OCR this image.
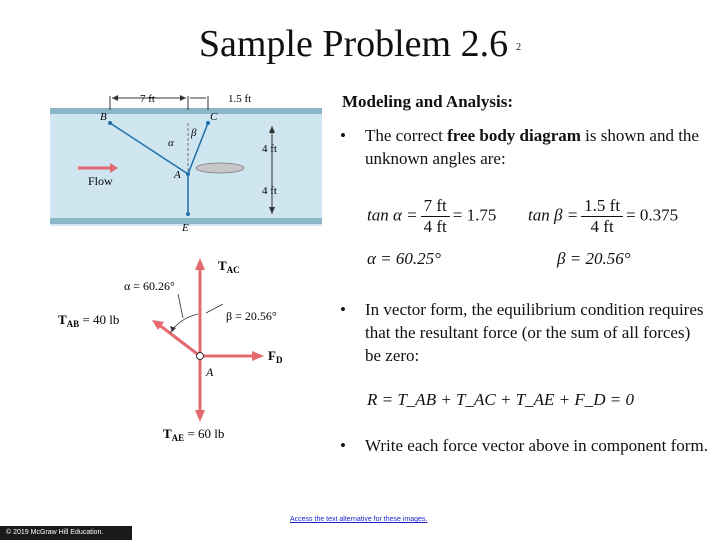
Sample Problem 2.6 2
7 ft	1.5 ft
4 ft
4 ft
B	C
A
E
α
β
Flow
$T_{AC}$
$T_{AB} = 40$ lb
$F_D$
$T_{AE} = 60$ lb
A
α = 60.26°
β = 20.56°
Modeling and Analysis:
• The correct free body diagram is shown and the unknown angles are:
$\tan \alpha = \frac{7 ft}{4 ft} = 1.75$ $\tan \beta = \frac{1.5 ft}{4 ft} = 0.375$
α = 60.25°	β = 20.56°
• In vector form, the equilibrium condition requires that the resultant force (or the sum of all forces) be zero:
R = T_AB + T_AC + T_AE + F_D = 0
• Write each force vector above in component form.
Access the text alternative for these images.
© 2019 McGraw Hill Education.
